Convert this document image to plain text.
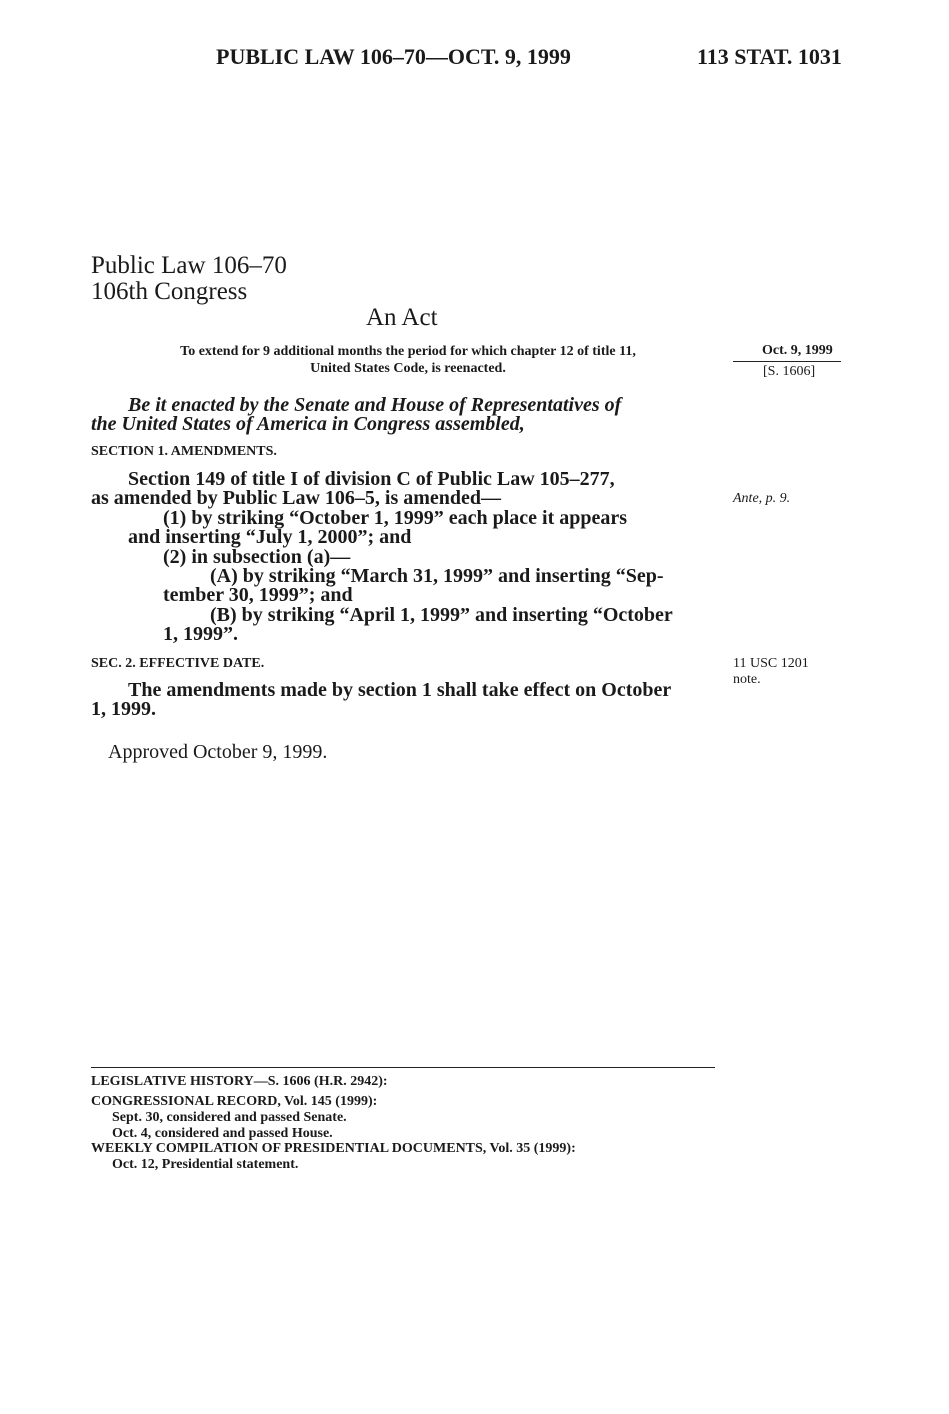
PUBLIC LAW 106–70—OCT. 9, 1999	113 STAT. 1031
Public Law 106–70
106th Congress
An Act
To extend for 9 additional months the period for which chapter 12 of title 11,
United States Code, is reenacted.
Oct. 9, 1999
[S. 1606]
Be it enacted by the Senate and House of Representatives of
the United States of America in Congress assembled,
SECTION 1. AMENDMENTS.
Section 149 of title I of division C of Public Law 105–277,
as amended by Public Law 106–5, is amended—
(1) by striking “October 1, 1999” each place it appears
and inserting “July 1, 2000”; and
(2) in subsection (a)—
(A) by striking “March 31, 1999” and inserting “Sep-
tember 30, 1999”; and
(B) by striking “April 1, 1999” and inserting “October
1, 1999”.
Ante, p. 9.
SEC. 2. EFFECTIVE DATE.	11 USC 1201
note.
The amendments made by section 1 shall take effect on October
1, 1999.
Approved October 9, 1999.
LEGISLATIVE HISTORY—S. 1606 (H.R. 2942):
CONGRESSIONAL RECORD, Vol. 145 (1999):
Sept. 30, considered and passed Senate.
Oct. 4, considered and passed House.
WEEKLY COMPILATION OF PRESIDENTIAL DOCUMENTS, Vol. 35 (1999):
Oct. 12, Presidential statement.
